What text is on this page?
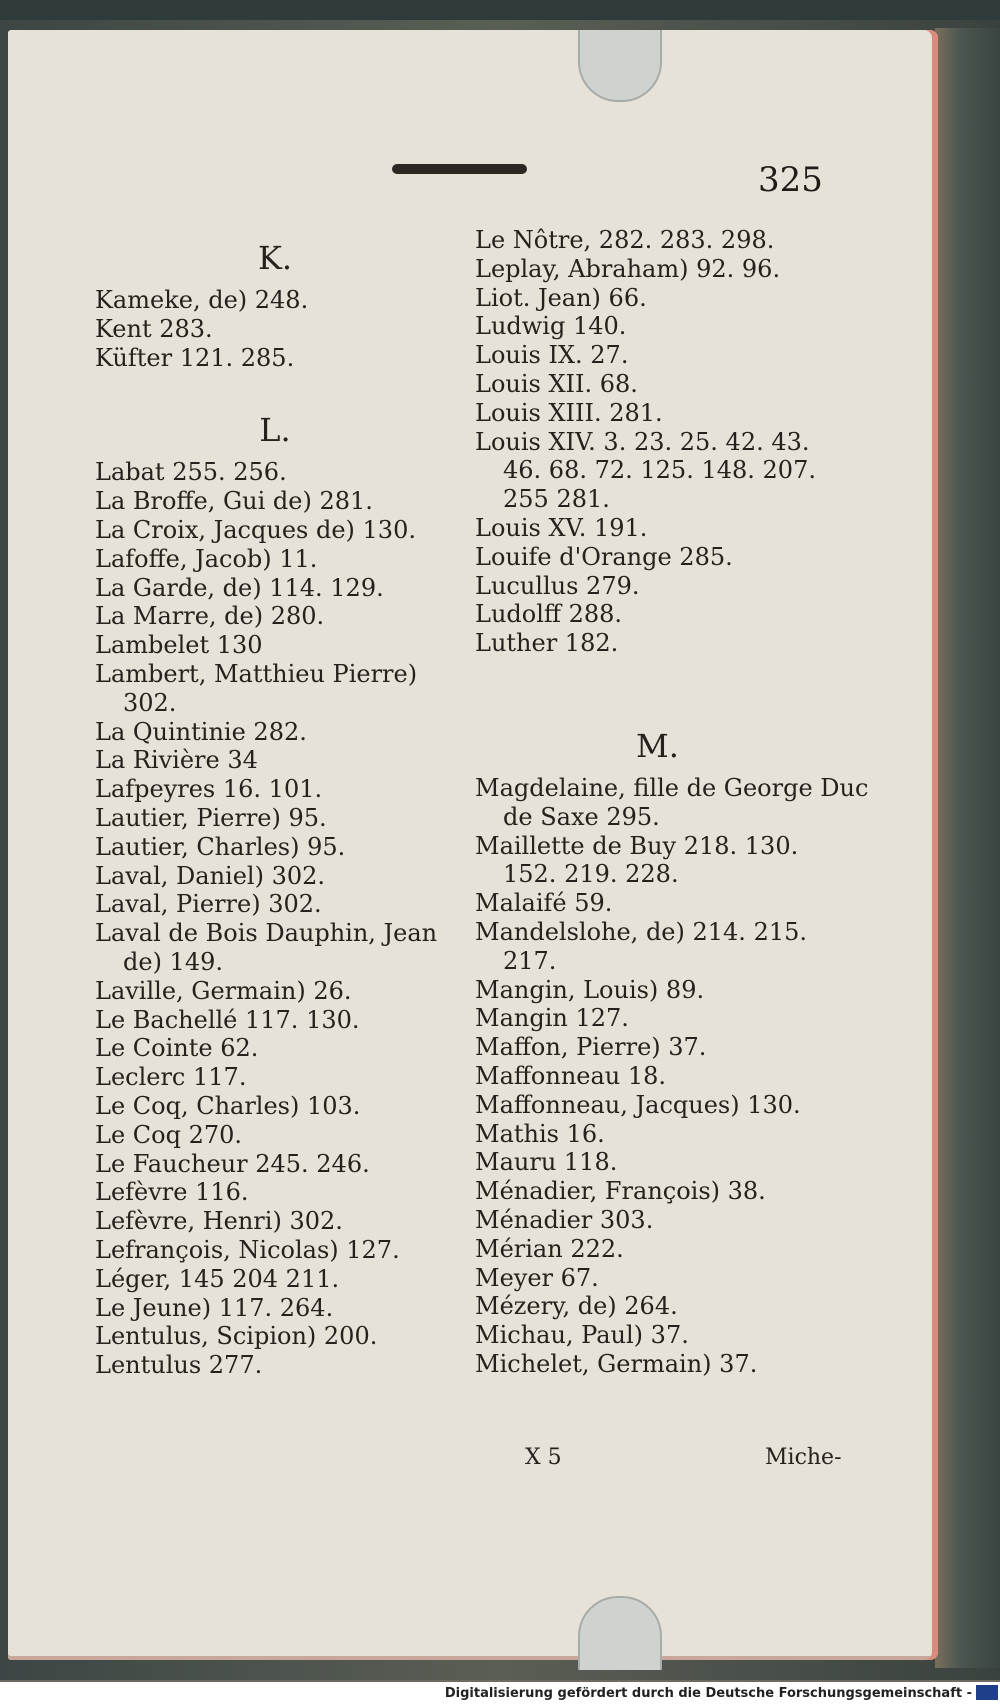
325
K.
Kameke, de) 248.
Kent 283.
Küfter 121. 285.
L.
Labat 255. 256.
La Broffe, Gui de) 281.
La Croix, Jacques de) 130.
Lafoffe, Jacob) 11.
La Garde, de) 114. 129.
La Marre, de) 280.
Lambelet 130
Lambert, Matthieu Pierre)
302.
La Quintinie 282.
La Rivière 34
Lafpeyres 16. 101.
Lautier, Pierre) 95.
Lautier, Charles) 95.
Laval, Daniel) 302.
Laval, Pierre) 302.
Laval de Bois Dauphin, Jean
de) 149.
Laville, Germain) 26.
Le Bachellé 117. 130.
Le Cointe 62.
Leclerc 117.
Le Coq, Charles) 103.
Le Coq 270.
Le Faucheur 245. 246.
Lefèvre 116.
Lefèvre, Henri) 302.
Lefrançois, Nicolas) 127.
Léger, 145 204 211.
Le Jeune) 117. 264.
Lentulus, Scipion) 200.
Lentulus 277.
Le Nôtre, 282. 283. 298.
Leplay, Abraham) 92. 96.
Liot. Jean) 66.
Ludwig 140.
Louis IX. 27.
Louis XII. 68.
Louis XIII. 281.
Louis XIV. 3. 23. 25. 42. 43.
46. 68. 72. 125. 148. 207.
255 281.
Louis XV. 191.
Louife d'Orange 285.
Lucullus 279.
Ludolff 288.
Luther 182.
M.
Magdelaine, fille de George Duc
de Saxe 295.
Maillette de Buy 218. 130.
152. 219. 228.
Malaifé 59.
Mandelslohe, de) 214. 215.
217.
Mangin, Louis) 89.
Mangin 127.
Maffon, Pierre) 37.
Maffonneau 18.
Maffonneau, Jacques) 130.
Mathis 16.
Mauru 118.
Ménadier, François) 38.
Ménadier 303.
Mérian 222.
Meyer 67.
Mézery, de) 264.
Michau, Paul) 37.
Michelet, Germain) 37.
X 5	Miche-
Digitalisierung gefördert durch die Deutsche Forschungsgemeinschaft -
